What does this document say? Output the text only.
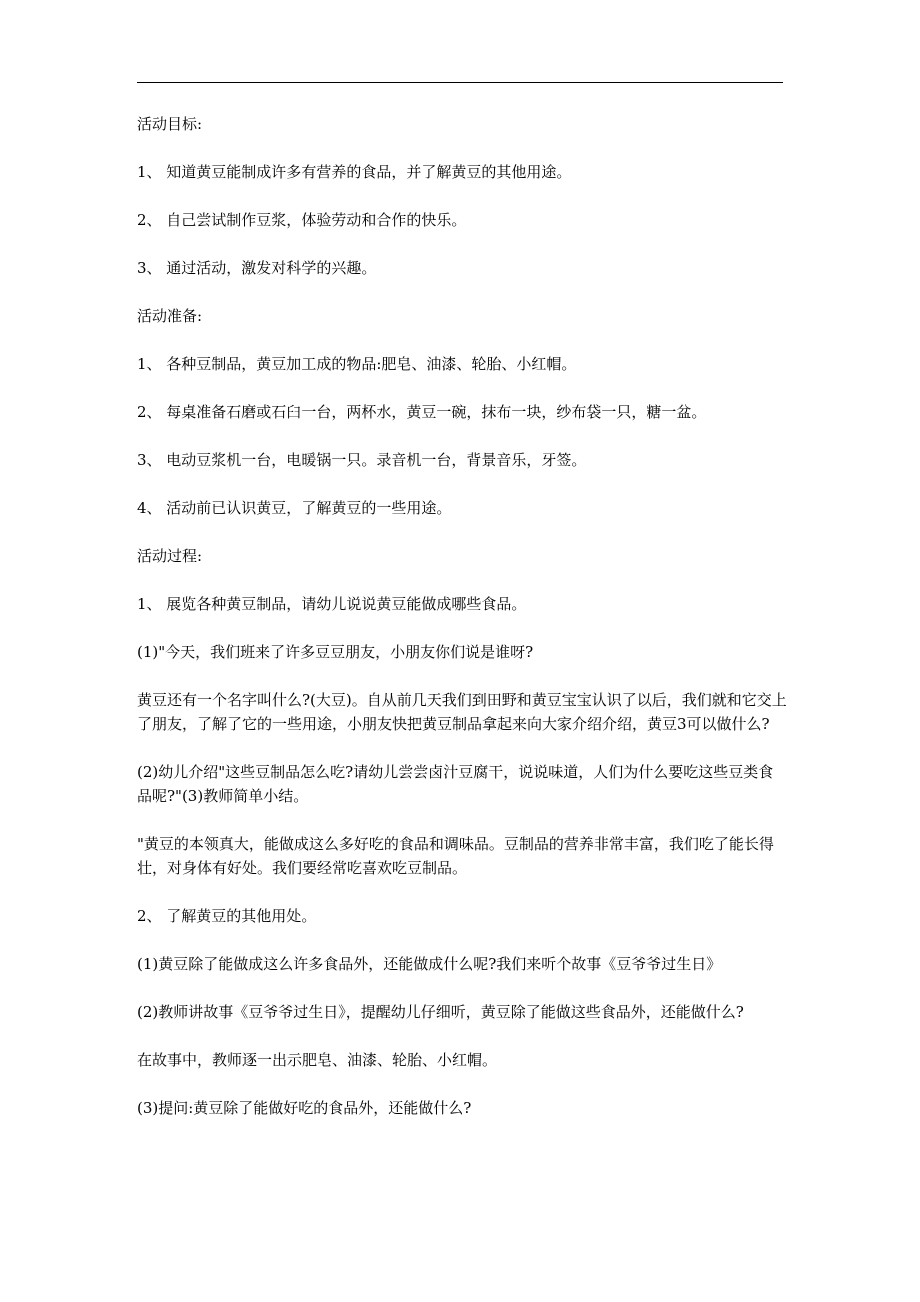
活动目标:

1、 知道黄豆能制成许多有营养的食品，并了解黄豆的其他用途。

2、 自己尝试制作豆浆，体验劳动和合作的快乐。

3、 通过活动，激发对科学的兴趣。

活动准备:

1、 各种豆制品，黄豆加工成的物品:肥皂、油漆、轮胎、小红帽。

2、 每桌准备石磨或石臼一台，两杯水，黄豆一碗，抹布一块，纱布袋一只，糖一盆。

3、 电动豆浆机一台，电暖锅一只。录音机一台，背景音乐，牙签。

4、 活动前已认识黄豆，了解黄豆的一些用途。

活动过程:

1、 展览各种黄豆制品，请幼儿说说黄豆能做成哪些食品。

(1)"今天，我们班来了许多豆豆朋友，小朋友你们说是谁呀?

黄豆还有一个名字叫什么?(大豆)。自从前几天我们到田野和黄豆宝宝认识了以后，我们就和它交上了朋友，了解了它的一些用途，小朋友快把黄豆制品拿起来向大家介绍介绍，黄豆3可以做什么?

(2)幼儿介绍"这些豆制品怎么吃?请幼儿尝尝卤汁豆腐干，说说味道，人们为什么要吃这些豆类食品呢?"(3)教师简单小结。

"黄豆的本领真大，能做成这么多好吃的食品和调味品。豆制品的营养非常丰富，我们吃了能长得壮，对身体有好处。我们要经常吃喜欢吃豆制品。

2、 了解黄豆的其他用处。

(1)黄豆除了能做成这么许多食品外，还能做成什么呢?我们来听个故事《豆爷爷过生日》

(2)教师讲故事《豆爷爷过生日》，提醒幼儿仔细听，黄豆除了能做这些食品外，还能做什么?

在故事中，教师逐一出示肥皂、油漆、轮胎、小红帽。

(3)提问:黄豆除了能做好吃的食品外，还能做什么?
